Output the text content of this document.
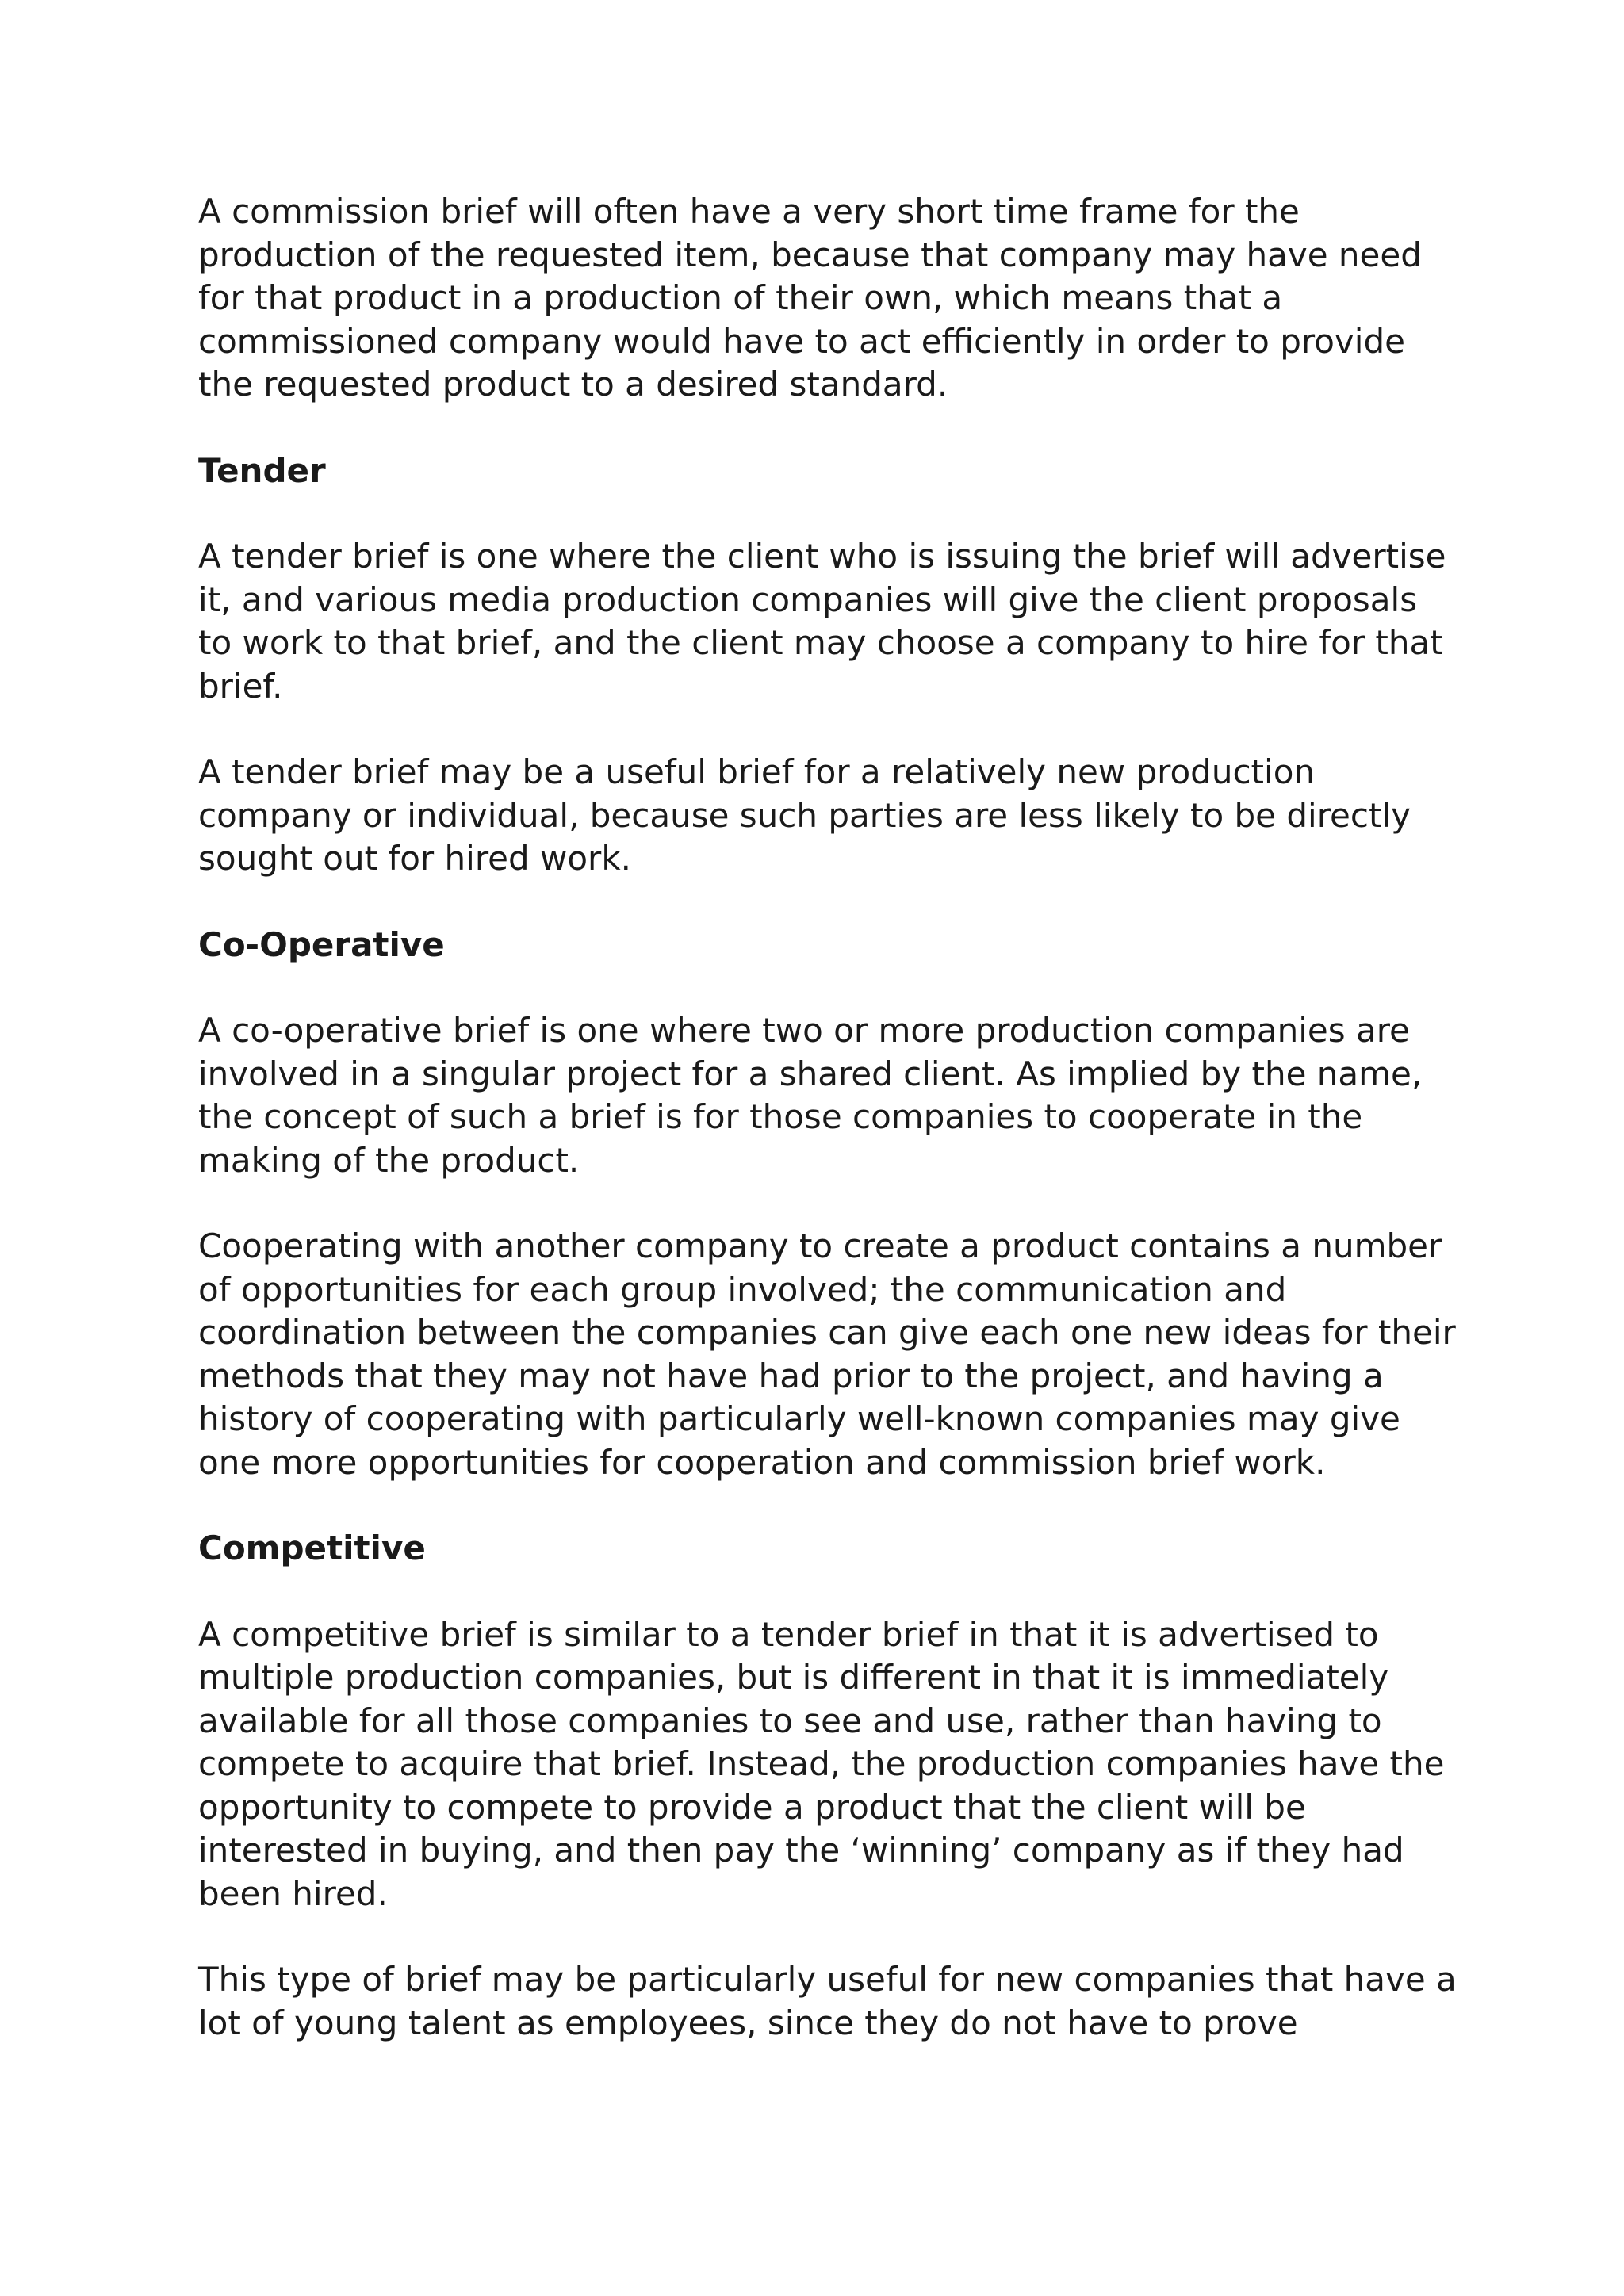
A commission brief will often have a very short time frame for the production of the requested item, because that company may have need for that product in a production of their own, which means that a commissioned company would have to act efficiently in order to provide the requested product to a desired standard.

Tender

A tender brief is one where the client who is issuing the brief will advertise it, and various media production companies will give the client proposals to work to that brief, and the client may choose a company to hire for that brief.

A tender brief may be a useful brief for a relatively new production company or individual, because such parties are less likely to be directly sought out for hired work.

Co-Operative

A co-operative brief is one where two or more production companies are involved in a singular project for a shared client. As implied by the name, the concept of such a brief is for those companies to cooperate in the making of the product.

Cooperating with another company to create a product contains a number of opportunities for each group involved; the communication and coordination between the companies can give each one new ideas for their methods that they may not have had prior to the project, and having a history of cooperating with particularly well-known companies may give one more opportunities for cooperation and commission brief work.

Competitive

A competitive brief is similar to a tender brief in that it is advertised to multiple production companies, but is different in that it is immediately available for all those companies to see and use, rather than having to compete to acquire that brief. Instead, the production companies have the opportunity to compete to provide a product that the client will be interested in buying, and then pay the ‘winning’ company as if they had been hired.

This type of brief may be particularly useful for new companies that have a lot of young talent as employees, since they do not have to prove
